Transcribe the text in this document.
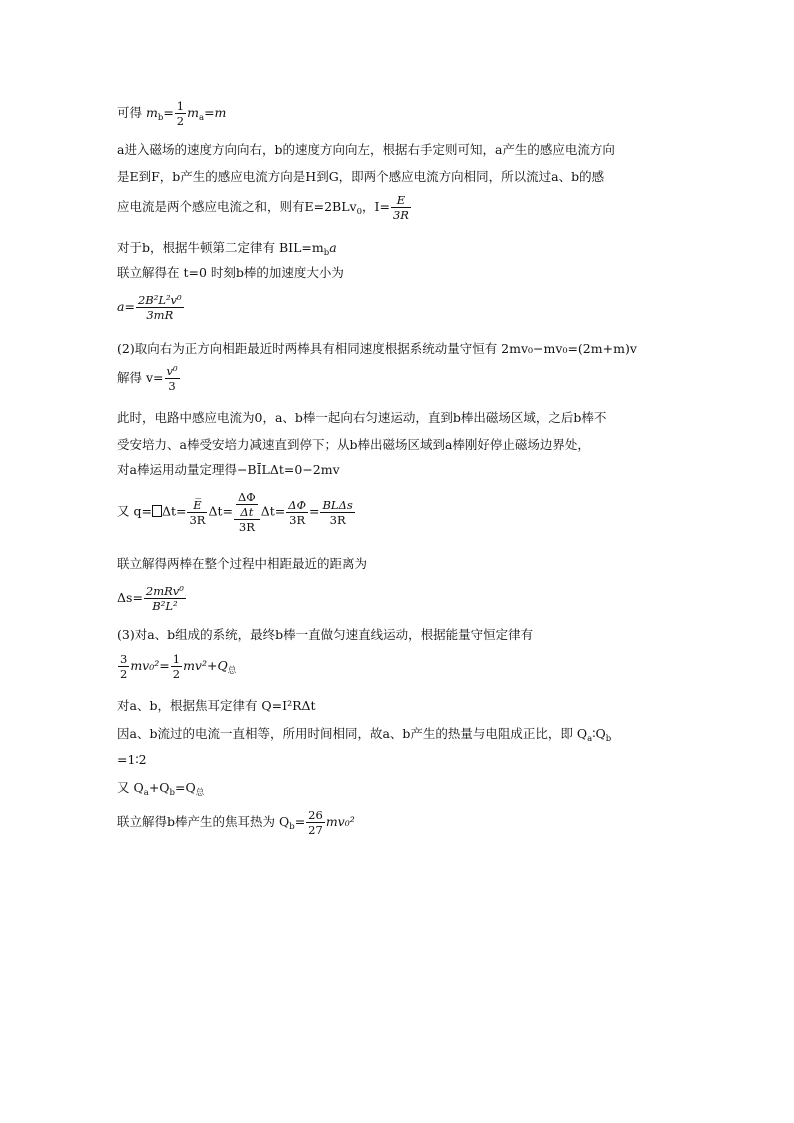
可得 $m_b= \frac{1}{2} m_a=m$
a进入磁场的速度方向向右，b的速度方向向左，根据右手定则可知，a产生的感应电流方向
是E到F，b产生的感应电流方向是H到G，即两个感应电流方向相同，所以流过a、b的感
应电流是两个感应电流之和，则有E=2BLv$_0$，$I= \frac{E}{3R}$
对于b，根据牛顿第二定律有 $BIL=m_ba$
联立解得在 t=0 时刻b棒的加速度大小为
$a= \frac{\text{2B²L²v⁰}}{3mR}$
(2)取向右为正方向相距最近时两棒具有相同速度根据系统动量守恒有 2mv₀−mv₀=(2m+m)v
解得 $v= \frac{\text{v⁰}}{3}$
此时，电路中感应电流为0，a、b棒一起向右匀速运动，直到b棒出磁场区域，之后b棒不
受安培力、a棒受安培力减速直到停下；从b棒出磁场区域到a棒刚好停止磁场边界处，
对a棒运用动量定理得−BĪLΔt=0−2mv
又 $q= \Delta t= \frac{E̅}{3R} \Delta t= \frac{\frac{\Delta\Phi}{\Delta t}}{3R} \Delta t= \frac{\Delta\Phi}{3R} = \frac{\text{BLΔs}}{3R}$
联立解得两棒在整个过程中相距最近的距离为
$\Delta s= \frac{\text{2mRv⁰}}{\text{B²L²}}$
(3)对a、b组成的系统，最终b棒一直做匀速直线运动，根据能量守恒定律有
$\frac{3}{2} mv_0^2= \frac{1}{2} mv^2+Q_总$
对a、b，根据焦耳定律有 Q=I²RΔt
因a、b流过的电流一直相等，所用时间相同，故a、b产生的热量与电阻成正比，即 $Q_a∶Q_b$
=1∶2
又 $Q_a+Q_b=Q_总$
联立解得b棒产生的焦耳热为 $Q_b= \frac{26}{27} mv_0^2$
